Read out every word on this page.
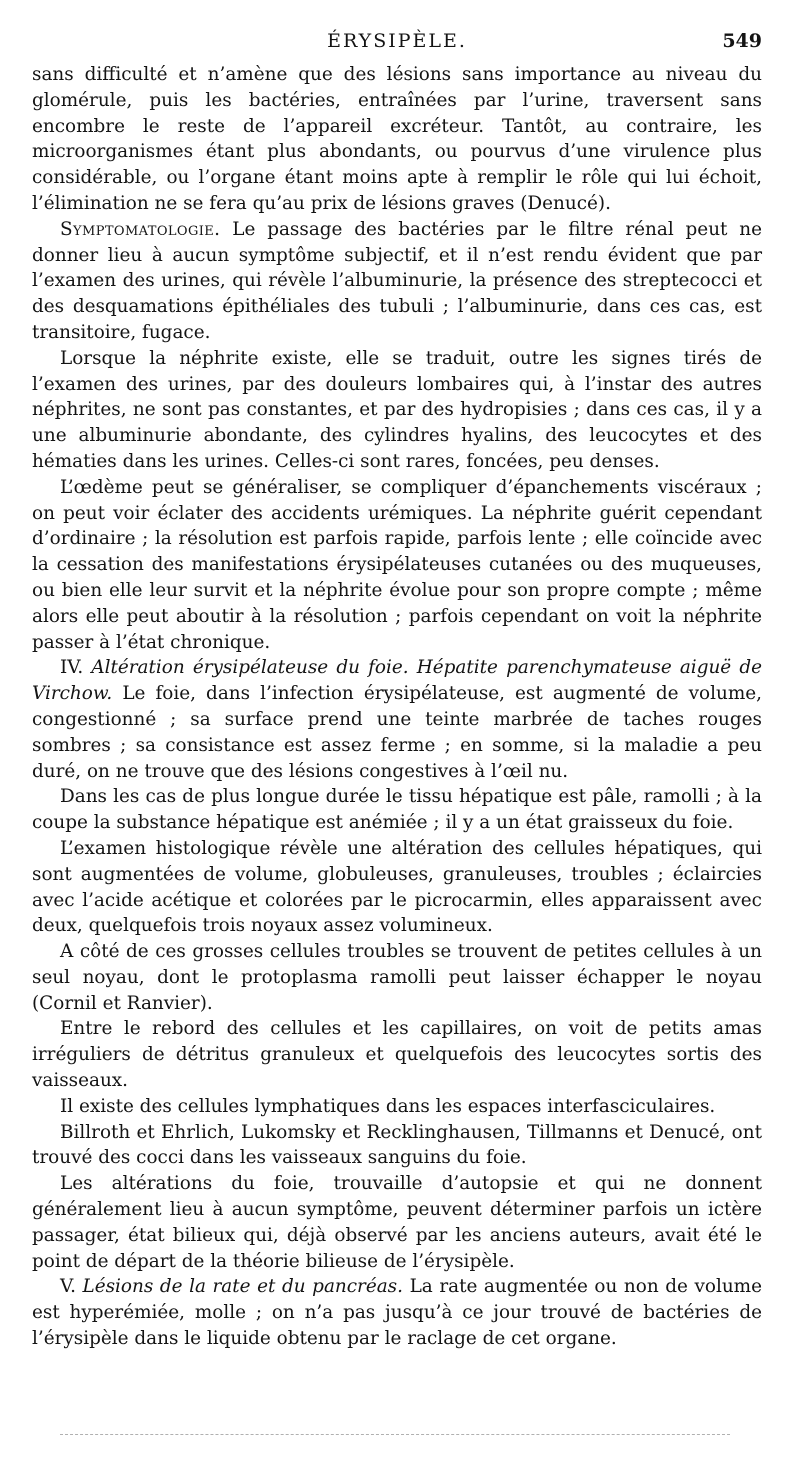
ÉRYSIPÈLE.	549

sans difficulté et n’amène que des lésions sans importance au niveau du glomérule, puis les bactéries, entraînées par l’urine, traversent sans encombre le reste de l’appareil excréteur. Tantôt, au contraire, les microorganismes étant plus abondants, ou pourvus d’une virulence plus considérable, ou l’organe étant moins apte à remplir le rôle qui lui échoit, l’élimination ne se fera qu’au prix de lésions graves (Denucé).

Symptomatologie. Le passage des bactéries par le filtre rénal peut ne donner lieu à aucun symptôme subjectif, et il n’est rendu évident que par l’examen des urines, qui révèle l’albuminurie, la présence des streptecocci et des desquamations épithéliales des tubuli ; l’albuminurie, dans ces cas, est transitoire, fugace.

Lorsque la néphrite existe, elle se traduit, outre les signes tirés de l’examen des urines, par des douleurs lombaires qui, à l’instar des autres néphrites, ne sont pas constantes, et par des hydropisies ; dans ces cas, il y a une albuminurie abondante, des cylindres hyalins, des leucocytes et des hématies dans les urines. Celles-ci sont rares, foncées, peu denses.

L’œdème peut se généraliser, se compliquer d’épanchements viscéraux ; on peut voir éclater des accidents urémiques. La néphrite guérit cependant d’ordinaire ; la résolution est parfois rapide, parfois lente ; elle coïncide avec la cessation des manifestations érysipélateuses cutanées ou des muqueuses, ou bien elle leur survit et la néphrite évolue pour son propre compte ; même alors elle peut aboutir à la résolution ; parfois cependant on voit la néphrite passer à l’état chronique.

IV. Altération érysipélateuse du foie. Hépatite parenchymateuse aiguë de Virchow. Le foie, dans l’infection érysipélateuse, est augmenté de volume, congestionné ; sa surface prend une teinte marbrée de taches rouges sombres ; sa consistance est assez ferme ; en somme, si la maladie a peu duré, on ne trouve que des lésions congestives à l’œil nu.

Dans les cas de plus longue durée le tissu hépatique est pâle, ramolli ; à la coupe la substance hépatique est anémiée ; il y a un état graisseux du foie.

L’examen histologique révèle une altération des cellules hépatiques, qui sont augmentées de volume, globuleuses, granuleuses, troubles ; éclaircies avec l’acide acétique et colorées par le picrocarmin, elles apparaissent avec deux, quelquefois trois noyaux assez volumineux.

A côté de ces grosses cellules troubles se trouvent de petites cellules à un seul noyau, dont le protoplasma ramolli peut laisser échapper le noyau (Cornil et Ranvier).

Entre le rebord des cellules et les capillaires, on voit de petits amas irréguliers de détritus granuleux et quelquefois des leucocytes sortis des vaisseaux.

Il existe des cellules lymphatiques dans les espaces interfasciculaires.

Billroth et Ehrlich, Lukomsky et Recklinghausen, Tillmanns et Denucé, ont trouvé des cocci dans les vaisseaux sanguins du foie.

Les altérations du foie, trouvaille d’autopsie et qui ne donnent généralement lieu à aucun symptôme, peuvent déterminer parfois un ictère passager, état bilieux qui, déjà observé par les anciens auteurs, avait été le point de départ de la théorie bilieuse de l’érysipèle.

V. Lésions de la rate et du pancréas. La rate augmentée ou non de volume est hyperémiée, molle ; on n’a pas jusqu’à ce jour trouvé de bactéries de l’érysipèle dans le liquide obtenu par le raclage de cet organe.
